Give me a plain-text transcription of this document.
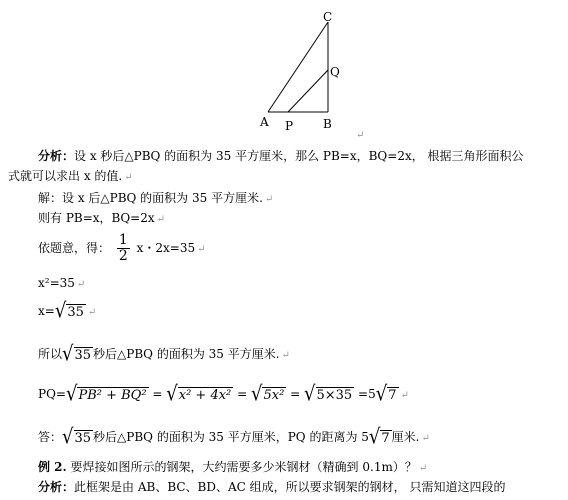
C
Q
A P B
↵
分析：设 x 秒后△PBQ 的面积为 35 平方厘米，那么 PB=x，BQ=2x， 根据三角形面积公
式就可以求出 x 的值. ↵
解：设 x 后△PBQ 的面积为 35 平方厘米. ↵
则有 PB=x，BQ=2x ↵
依题意，得： $\frac{1}{2}$ x・2x=35 ↵
x²=35 ↵
x=√35 ↵
所以√35 秒后△PBQ 的面积为 35 平方厘米. ↵
PQ=√PB² + BQ² = √x² + 4x² = √5x² = √5×35 =5√7 ↵
答：√35 秒后△PBQ 的面积为 35 平方厘米，PQ 的距离为 5√7 厘米. ↵
例 2. 要焊接如图所示的钢架，大约需要多少米钢材（精确到 0.1m）？ ↵
分析：此框架是由 AB、BC、BD、AC 组成，所以要求钢架的钢材， 只需知道这四段的
